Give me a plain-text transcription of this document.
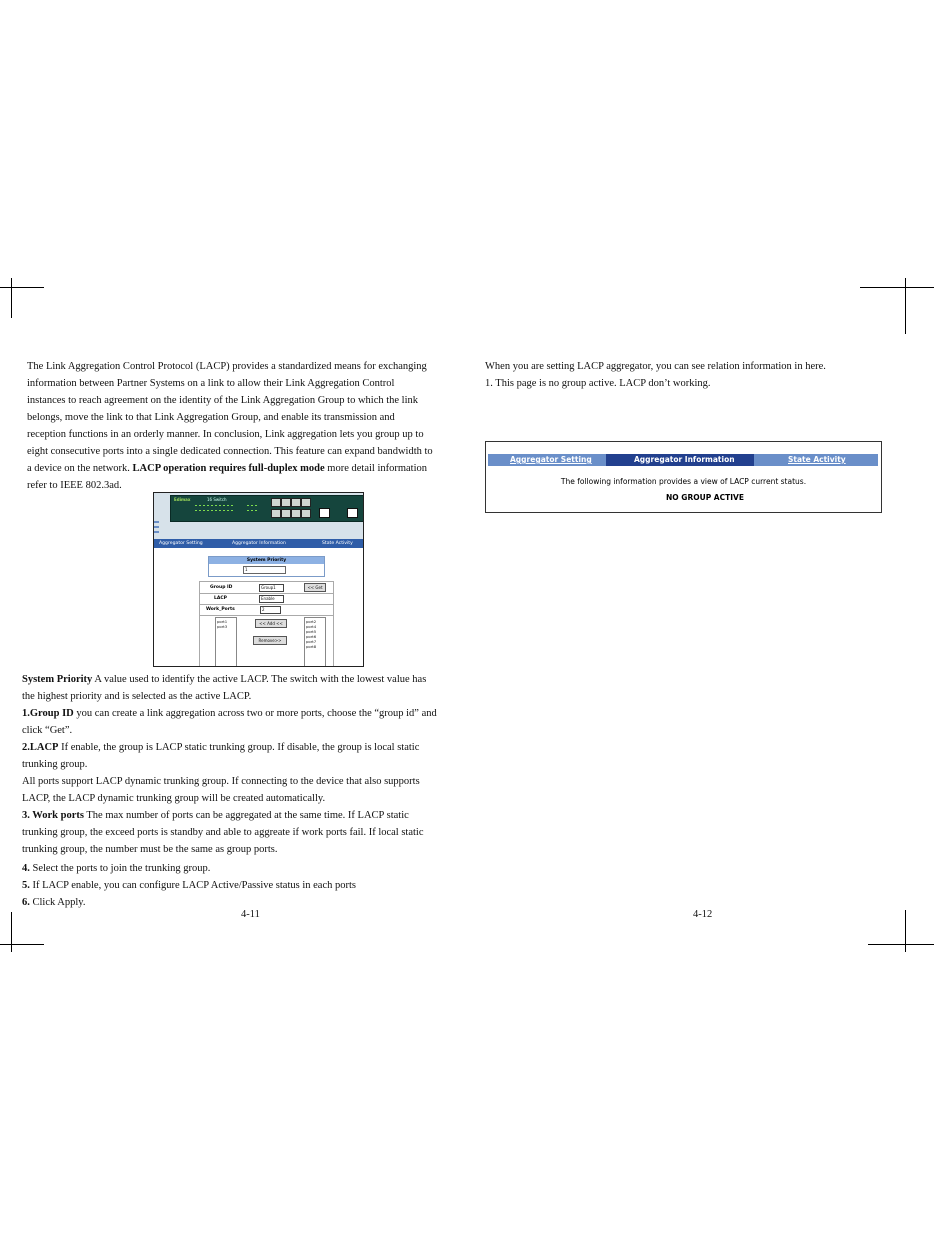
The Link Aggregation Control Protocol (LACP) provides a standardized means for exchanging information between Partner Systems on a link to allow their Link Aggregation Control instances to reach agreement on the identity of the Link Aggregation Group to which the link belongs, move the link to that Link Aggregation Group, and enable its transmission and reception functions in an orderly manner. In conclusion, Link aggregation lets you group up to eight consecutive ports into a single dedicated connection. This feature can expand bandwidth to a device on the network. LACP operation requires full-duplex mode more detail information refer to IEEE 802.3ad.
Edimax	16 Switch
Aggregator Setting	Aggregator Information	State Activity
System Priority
1
Group ID	Group1	<< Get
LACP	Enable
Work_Ports	2
port1
port3
<< Add <<
Remove>>
port2
port4
port5
port6
port7
port8

System Priority A value used to identify the active LACP. The switch with the lowest value has the highest priority and is selected as the active LACP.

1.Group ID you can create a link aggregation across two or more ports, choose the “group id” and click “Get”.

2.LACP If enable, the group is LACP static trunking group. If disable, the group is local static trunking group.

All ports support LACP dynamic trunking group. If connecting to the device that also supports LACP, the LACP dynamic trunking group will be created automatically.

3. Work ports The max number of ports can be aggregated at the same time. If LACP static trunking group, the exceed ports is standby and able to aggreate if work ports fail. If local static trunking group, the number must be the same as group ports.

4. Select the ports to join the trunking group.

5. If LACP enable, you can configure LACP Active/Passive status in each ports

6. Click Apply.

4-11

When you are setting LACP aggregator, you can see relation information in here.

1. This page is no group active. LACP don’t working.

Aggregator Setting	Aggregator Information	State Activity
The following information provides a view of LACP current status.
NO GROUP ACTIVE
4-12
